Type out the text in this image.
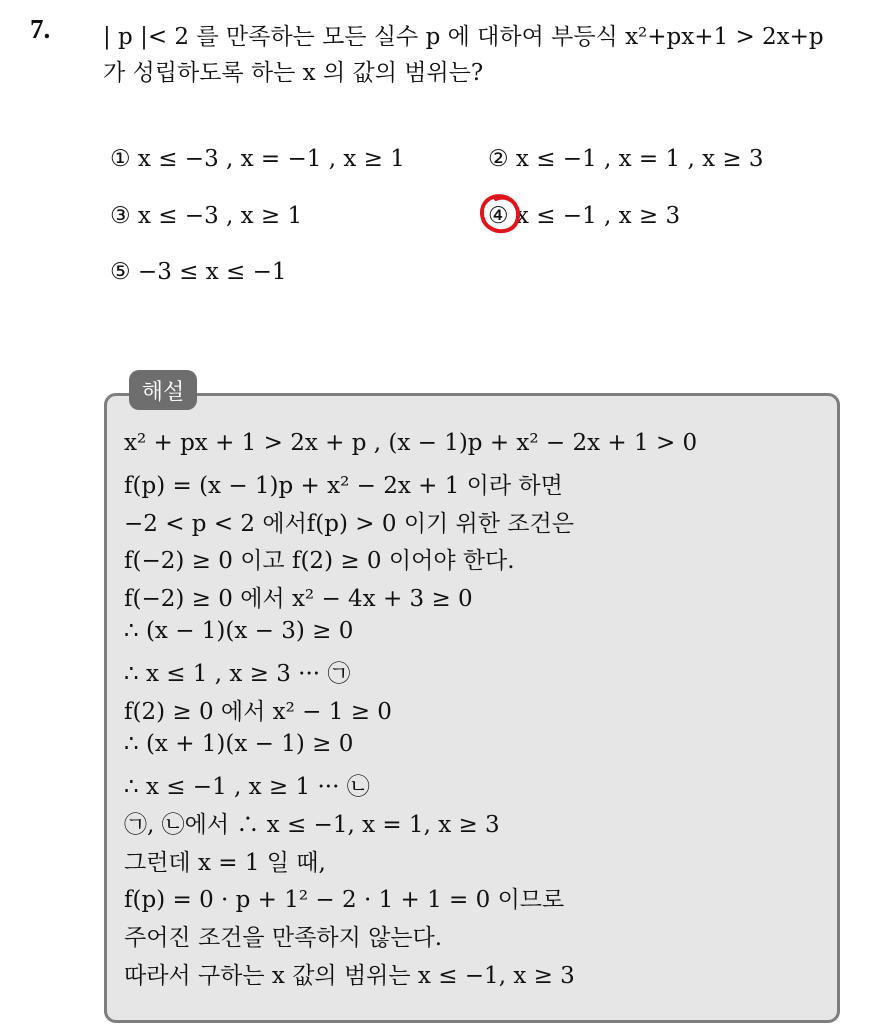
7. | p |< 2 를 만족하는 모든 실수 p 에 대하여 부등식 x²+px+1 > 2x+p
가 성립하도록 하는 x 의 값의 범위는?
① x ≤ −3 , x = −1 , x ≥ 1	② x ≤ −1 , x = 1 , x ≥ 3
③ x ≤ −3 , x ≥ 1	④ x ≤ −1 , x ≥ 3
⑤ −3 ≤ x ≤ −1
해설
x² + px + 1 > 2x + p , (x − 1)p + x² − 2x + 1 > 0
f(p) = (x − 1)p + x² − 2x + 1 이라 하면
−2 < p < 2 에서f(p) > 0 이기 위한 조건은
f(−2) ≥ 0 이고 f(2) ≥ 0 이어야 한다.
f(−2) ≥ 0 에서 x² − 4x + 3 ≥ 0
∴ (x − 1)(x − 3) ≥ 0
∴ x ≤ 1 , x ≥ 3 ··· ㉠
f(2) ≥ 0 에서 x² − 1 ≥ 0
∴ (x + 1)(x − 1) ≥ 0
∴ x ≤ −1 , x ≥ 1 ··· ㉡
㉠, ㉡에서 ∴ x ≤ −1, x = 1, x ≥ 3
그런데 x = 1 일 때,
f(p) = 0 · p + 1² − 2 · 1 + 1 = 0 이므로
주어진 조건을 만족하지 않는다.
따라서 구하는 x 값의 범위는 x ≤ −1, x ≥ 3
